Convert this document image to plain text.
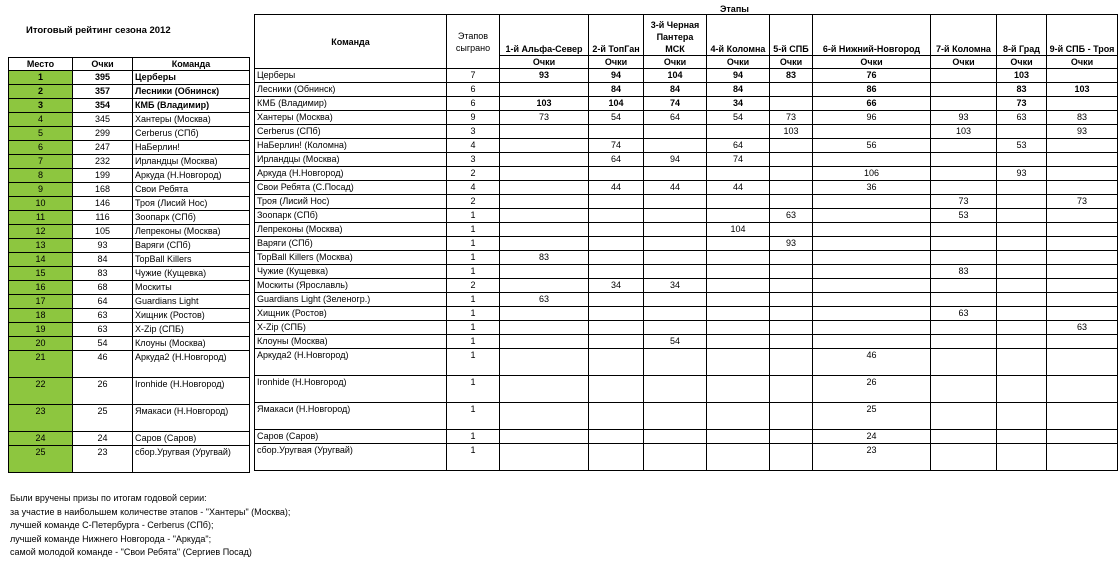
Итоговый рейтинг сезона 2012
Этапы
Место	Очки	Команда
1	395	Церберы
2	357	Лесники (Обнинск)
3	354	КМБ (Владимир)
4	345	Хантеры (Москва)
5	299	Cerberus (СПб)
6	247	НаБерлин!
7	232	Ирландцы (Москва)
8	199	Аркуда (Н.Новгород)
9	168	Свои Ребята
10	146	Троя (Лисий Нос)
11	116	Зоопарк (СПб)
12	105	Лепреконы (Москва)
13	93	Варяги (СПб)
14	84	TopBall Killers
15	83	Чужие (Кущевка)
16	68	Москиты
17	64	Guardians Light
18	63	Хищник (Ростов)
19	63	X-Zip (СПБ)
20	54	Клоуны (Москва)
21	46	Аркуда2 (Н.Новгород)
22	26	Ironhide (Н.Новгород)
23	25	Ямакаси (Н.Новгород)
24	24	Саров (Саров)
25	23	сбор.Уругвая (Уругвай)
Команда	Этапов сыграно	1-й Альфа-Север	2-й ТопГан	3-й Черная Пантера МСК	4-й Коломна	5-й СПБ	6-й Нижний-Новгород	7-й Коломна	8-й Град	9-й СПБ - Троя
		Очки	Очки	Очки	Очки	Очки	Очки	Очки	Очки	Очки
Церберы	7	93	94	104	94	83	76		103	
Лесники (Обнинск)	6		84	84	84		86		83	103
КМБ (Владимир)	6	103	104	74	34		66		73	
Хантеры (Москва)	9	73	54	64	54	73	96	93	63	83
Cerberus (СПб)	3					103		103		93
НаБерлин! (Коломна)	4		74		64		56		53	
Ирландцы (Москва)	3		64	94	74					
Аркуда (Н.Новгород)	2						106		93	
Свои Ребята (С.Посад)	4		44	44	44		36			
Троя (Лисий Нос)	2							73		73
Зоопарк (СПб)	1					63		53		
Лепреконы (Москва)	1				104					
Варяги (СПб)	1					93				
TopBall Killers (Москва)	1	83								
Чужие (Кущевка)	1							83		
Москиты (Ярославль)	2		34	34						
Guardians Light (Зеленогр.)	1	63								
Хищник (Ростов)	1							63		
X-Zip (СПБ)	1									63
Клоуны (Москва)	1			54						
Аркуда2 (Н.Новгород)	1						46			
Ironhide (Н.Новгород)	1						26			
Ямакаси (Н.Новгород)	1						25			
Саров (Саров)	1						24			
сбор.Уругвая (Уругвай)	1						23			
Были вручены призы по итогам годовой серии:
за участие в наибольшем количестве этапов - "Хантеры" (Москва);
лучшей команде С-Петербурга - Cerberus (СПб);
лучшей команде Нижнего Новгорода - "Аркуда";
самой молодой команде - "Свои Ребята" (Сергиев Посад)
